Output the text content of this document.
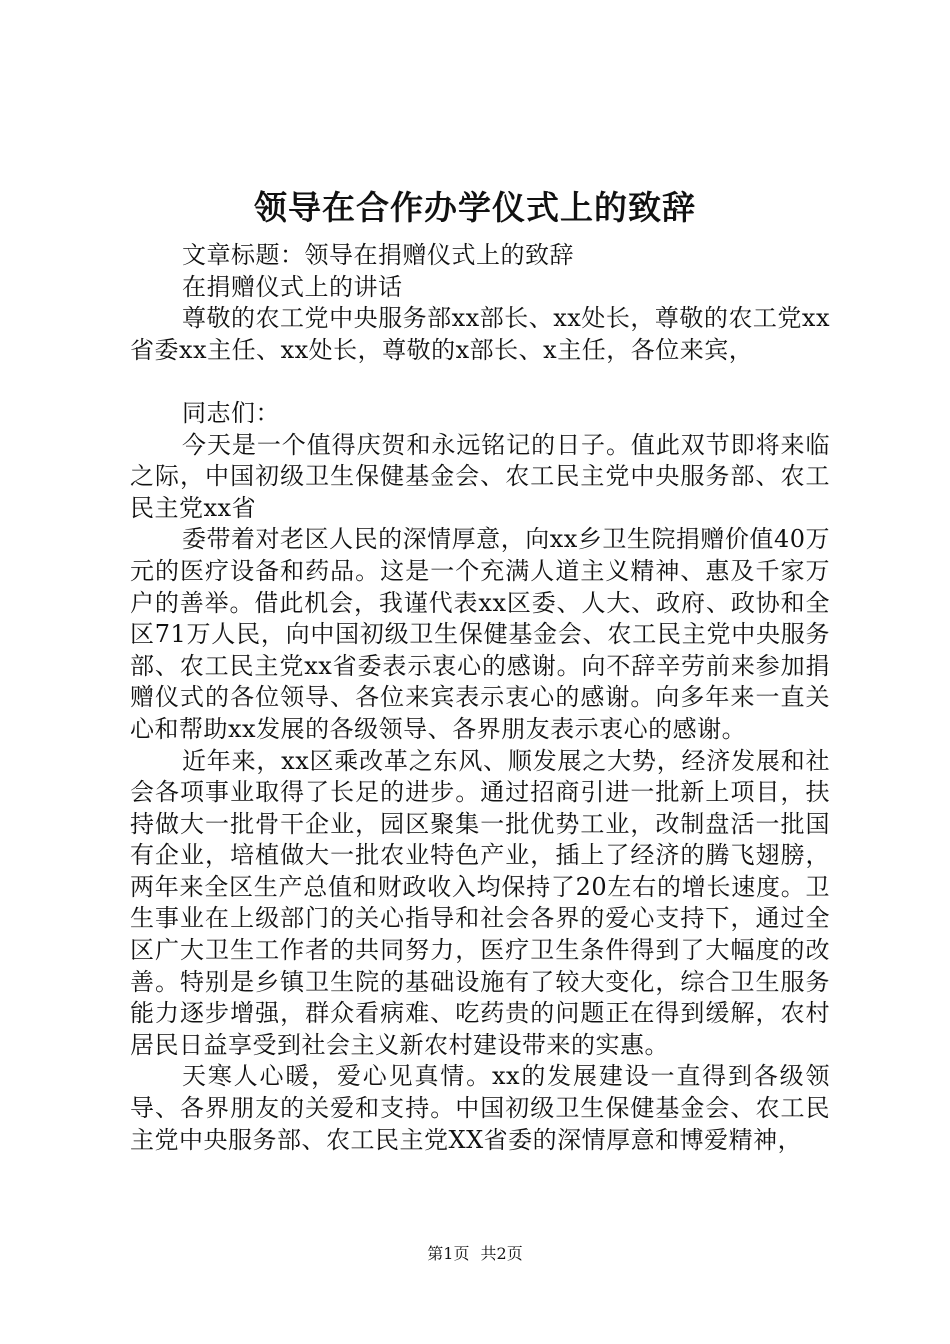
领导在合作办学仪式上的致辞

文章标题：领导在捐赠仪式上的致辞

在捐赠仪式上的讲话

尊敬的农工党中央服务部xx部长、xx处长，尊敬的农工党xx省委xx主任、xx处长，尊敬的x部长、x主任，各位来宾，

同志们：

今天是一个值得庆贺和永远铭记的日子。值此双节即将来临之际，中国初级卫生保健基金会、农工民主党中央服务部、农工民主党xx省

委带着对老区人民的深情厚意，向xx乡卫生院捐赠价值40万元的医疗设备和药品。这是一个充满人道主义精神、惠及千家万户的善举。借此机会，我谨代表xx区委、人大、政府、政协和全区71万人民，向中国初级卫生保健基金会、农工民主党中央服务部、农工民主党xx省委表示衷心的感谢。向不辞辛劳前来参加捐赠仪式的各位领导、各位来宾表示衷心的感谢。向多年来一直关心和帮助xx发展的各级领导、各界朋友表示衷心的感谢。

近年来，xx区乘改革之东风、顺发展之大势，经济发展和社会各项事业取得了长足的进步。通过招商引进一批新上项目，扶持做大一批骨干企业，园区聚集一批优势工业，改制盘活一批国有企业，培植做大一批农业特色产业，插上了经济的腾飞翅膀，两年来全区生产总值和财政收入均保持了20左右的增长速度。卫生事业在上级部门的关心指导和社会各界的爱心支持下，通过全区广大卫生工作者的共同努力，医疗卫生条件得到了大幅度的改善。特别是乡镇卫生院的基础设施有了较大变化，综合卫生服务能力逐步增强，群众看病难、吃药贵的问题正在得到缓解，农村居民日益享受到社会主义新农村建设带来的实惠。

天寒人心暖，爱心见真情。xx的发展建设一直得到各级领导、各界朋友的关爱和支持。中国初级卫生保健基金会、农工民主党中央服务部、农工民主党XX省委的深情厚意和博爱精神，

第1页 共2页
